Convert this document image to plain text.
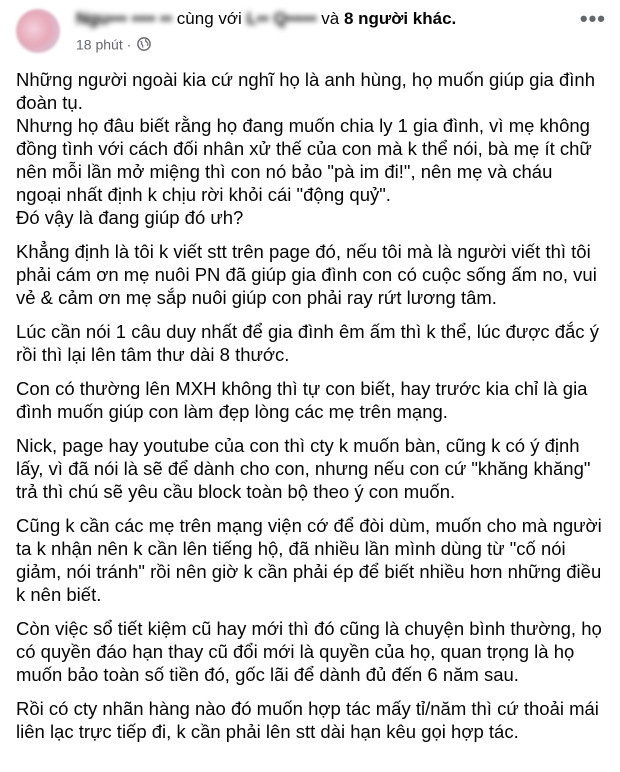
Ngu••• •••• •• cùng với L•• Q••••• và 8 người khác.
18 phút ·
•••

Những người ngoài kia cứ nghĩ họ là anh hùng, họ muốn giúp gia đình đoàn tụ.
Nhưng họ đâu biết rằng họ đang muốn chia ly 1 gia đình, vì mẹ không đồng tình với cách đối nhân xử thế của con mà k thể nói, bà mẹ ít chữ nên mỗi lần mở miệng thì con nó bảo "pà im đi!", nên mẹ và cháu ngoại nhất định k chịu rời khỏi cái "động quỷ".
Đó vậy là đang giúp đó ưh?

Khẳng định là tôi k viết stt trên page đó, nếu tôi mà là người viết thì tôi phải cám ơn mẹ nuôi PN đã giúp gia đình con có cuộc sống ấm no, vui vẻ & cảm ơn mẹ sắp nuôi giúp con phải ray rứt lương tâm.

Lúc cần nói 1 câu duy nhất để gia đình êm ấm thì k thể, lúc được đắc ý rồi thì lại lên tâm thư dài 8 thước.

Con có thường lên MXH không thì tự con biết, hay trước kia chỉ là gia đình muốn giúp con làm đẹp lòng các mẹ trên mạng.

Nick, page hay youtube của con thì cty k muốn bàn, cũng k có ý định lấy, vì đã nói là sẽ để dành cho con, nhưng nếu con cứ "khăng khăng" trả thì chú sẽ yêu cầu block toàn bộ theo ý con muốn.

Cũng k cần các mẹ trên mạng viện cớ để đòi dùm, muốn cho mà người ta k nhận nên k cần lên tiếng hộ, đã nhiều lần mình dùng từ "cố nói giảm, nói tránh" rồi nên giờ k cần phải ép để biết nhiều hơn những điều k nên biết.

Còn việc sổ tiết kiệm cũ hay mới thì đó cũng là chuyện bình thường, họ có quyền đáo hạn thay cũ đổi mới là quyền của họ, quan trọng là họ muốn bảo toàn số tiền đó, gốc lãi để dành đủ đến 6 năm sau.

Rồi có cty nhãn hàng nào đó muốn hợp tác mấy tỉ/năm thì cứ thoải mái liên lạc trực tiếp đi, k cần phải lên stt dài hạn kêu gọi hợp tác.
